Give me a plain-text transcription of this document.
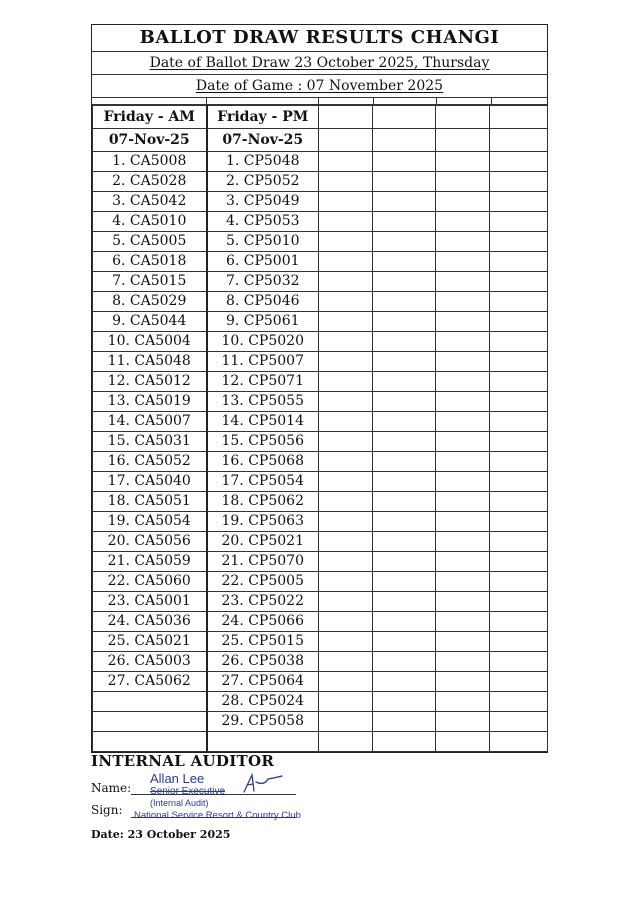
BALLOT DRAW RESULTS CHANGI
Date of Ballot Draw 23 October 2025, Thursday
Date of Game : 07 November 2025
Friday - AM	Friday - PM				
07-Nov-25	07-Nov-25				
1. CA5008	1. CP5048				
2. CA5028	2. CP5052				
3. CA5042	3. CP5049				
4. CA5010	4. CP5053				
5. CA5005	5. CP5010				
6. CA5018	6. CP5001				
7. CA5015	7. CP5032				
8. CA5029	8. CP5046				
9. CA5044	9. CP5061				
10. CA5004	10. CP5020				
11. CA5048	11. CP5007				
12. CA5012	12. CP5071				
13. CA5019	13. CP5055				
14. CA5007	14. CP5014				
15. CA5031	15. CP5056				
16. CA5052	16. CP5068				
17. CA5040	17. CP5054				
18. CA5051	18. CP5062				
19. CA5054	19. CP5063				
20. CA5056	20. CP5021				
21. CA5059	21. CP5070				
22. CA5060	22. CP5005				
23. CA5001	23. CP5022				
24. CA5036	24. CP5066				
25. CA5021	25. CP5015				
26. CA5003	26. CP5038				
27. CA5062	27. CP5064				
	28. CP5024				
	29. CP5058				

INTERNAL AUDITOR
Name:
Sign:
Allan Lee
Senior Executive
(Internal Audit)
National Service Resort & Country Club
Date: 23 October 2025
